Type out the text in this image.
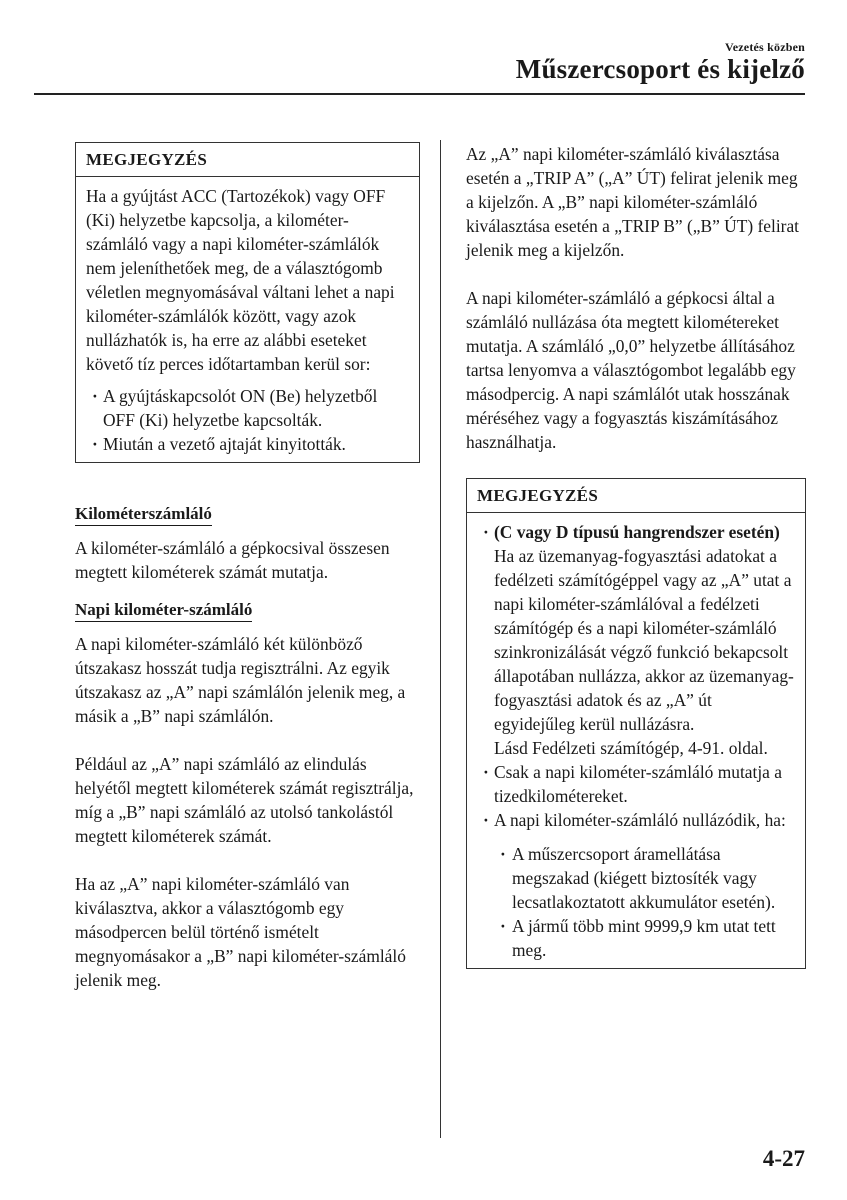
Vezetés közben
Műszercsoport és kijelző
MEGJEGYZÉS

Ha a gyújtást ACC (Tartozékok) vagy OFF (Ki) helyzetbe kapcsolja, a kilométer-számláló vagy a napi kilométer-számlálók nem jeleníthetőek meg, de a választógomb véletlen megnyomásával váltani lehet a napi kilométer-számlálók között, vagy azok nullázhatók is, ha erre az alábbi eseteket követő tíz perces időtartamban kerül sor:

· A gyújtáskapcsolót ON (Be) helyzetből OFF (Ki) helyzetbe kapcsolták.
· Miután a vezető ajtaját kinyitották.
Kilométerszámláló

A kilométer-számláló a gépkocsival összesen megtett kilométerek számát mutatja.

Napi kilométer-számláló

A napi kilométer-számláló két különböző útszakasz hosszát tudja regisztrálni. Az egyik útszakasz az „A” napi számlálón jelenik meg, a másik a „B” napi számlálón.

Például az „A” napi számláló az elindulás helyétől megtett kilométerek számát regisztrálja, míg a „B” napi számláló az utolsó tankolástól megtett kilométerek számát.

Ha az „A” napi kilométer-számláló van kiválasztva, akkor a választógomb egy másodpercen belül történő ismételt megnyomásakor a „B” napi kilométer-számláló jelenik meg.

Az „A” napi kilométer-számláló kiválasztása esetén a „TRIP A” („A” ÚT) felirat jelenik meg a kijelzőn. A „B” napi kilométer-számláló kiválasztása esetén a „TRIP B” („B” ÚT) felirat jelenik meg a kijelzőn.

A napi kilométer-számláló a gépkocsi által a számláló nullázása óta megtett kilométereket mutatja. A számláló „0,0” helyzetbe állításához tartsa lenyomva a választógombot legalább egy másodpercig. A napi számlálót utak hosszának méréséhez vagy a fogyasztás kiszámításához használhatja.

MEGJEGYZÉS
· (C vagy D típusú hangrendszer esetén)
Ha az üzemanyag-fogyasztási adatokat a fedélzeti számítógéppel vagy az „A” utat a napi kilométer-számlálóval a fedélzeti számítógép és a napi kilométer-számláló szinkronizálását végző funkció bekapcsolt állapotában nullázza, akkor az üzemanyag-fogyasztási adatok és az „A” út egyidejűleg kerül nullázásra.
Lásd Fedélzeti számítógép, 4-91. oldal.
· Csak a napi kilométer-számláló mutatja a tizedkilométereket.
· A napi kilométer-számláló nullázódik, ha:
· A műszercsoport áramellátása megszakad (kiégett biztosíték vagy lecsatlakoztatott akkumulátor esetén).
· A jármű több mint 9999,9 km utat tett meg.
4-27
